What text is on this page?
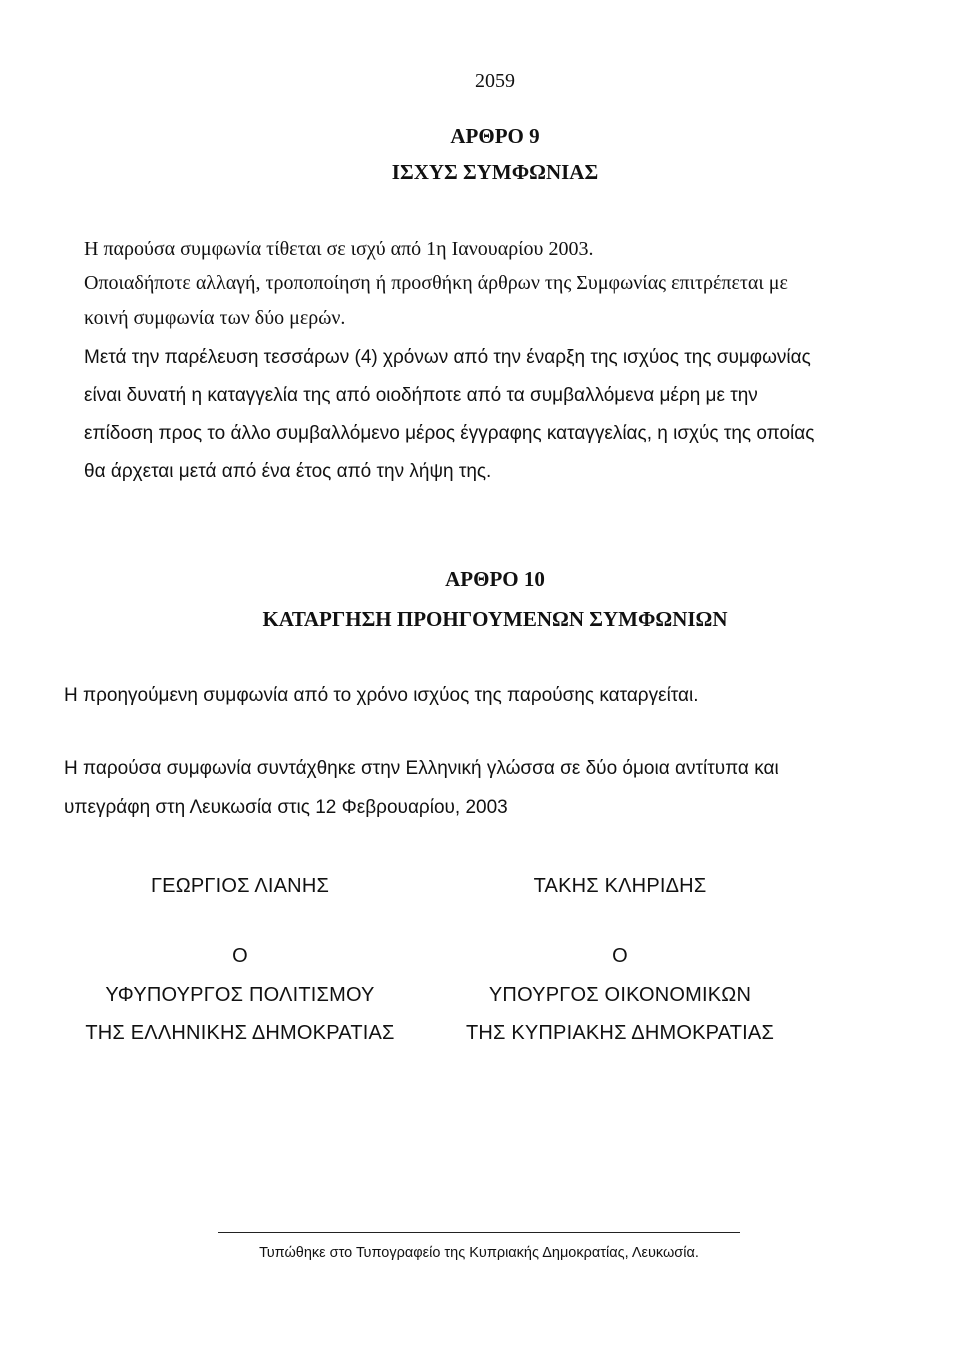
2059
ΑΡΘΡΟ 9
ΙΣΧΥΣ ΣΥΜΦΩΝΙΑΣ
Η παρούσα συμφωνία τίθεται σε ισχύ από 1η Ιανουαρίου 2003.
Οποιαδήποτε αλλαγή, τροποποίηση ή προσθήκη άρθρων της Συμφωνίας επιτρέπεται με
κοινή συμφωνία των δύο μερών.
Μετά την παρέλευση τεσσάρων (4) χρόνων από την έναρξη της ισχύος της συμφωνίας
είναι δυνατή η καταγγελία της από οιοδήποτε από τα συμβαλλόμενα μέρη με την
επίδοση προς το άλλο συμβαλλόμενο μέρος έγγραφης καταγγελίας, η ισχύς της οποίας
θα άρχεται μετά από ένα έτος από την λήψη της.
ΑΡΘΡΟ 10
ΚΑΤΑΡΓΗΣΗ ΠΡΟΗΓΟΥΜΕΝΩΝ ΣΥΜΦΩΝΙΩΝ
Η προηγούμενη συμφωνία από το χρόνο ισχύος της παρούσης καταργείται.
Η παρούσα συμφωνία συντάχθηκε στην Ελληνική γλώσσα σε δύο όμοια αντίτυπα και
υπεγράφη στη Λευκωσία στις 12 Φεβρουαρίου, 2003
ΓΕΩΡΓΙΟΣ ΛΙΑΝΗΣ	ΤΑΚΗΣ ΚΛΗΡΙΔΗΣ
Ο	Ο
ΥΦΥΠΟΥΡΓΟΣ ΠΟΛΙΤΙΣΜΟΥ	ΥΠΟΥΡΓΟΣ ΟΙΚΟΝΟΜΙΚΩΝ
ΤΗΣ ΕΛΛΗΝΙΚΗΣ ΔΗΜΟΚΡΑΤΙΑΣ	ΤΗΣ ΚΥΠΡΙΑΚΗΣ ΔΗΜΟΚΡΑΤΙΑΣ
Τυπώθηκε στο Τυπογραφείο της Κυπριακής Δημοκρατίας, Λευκωσία.
